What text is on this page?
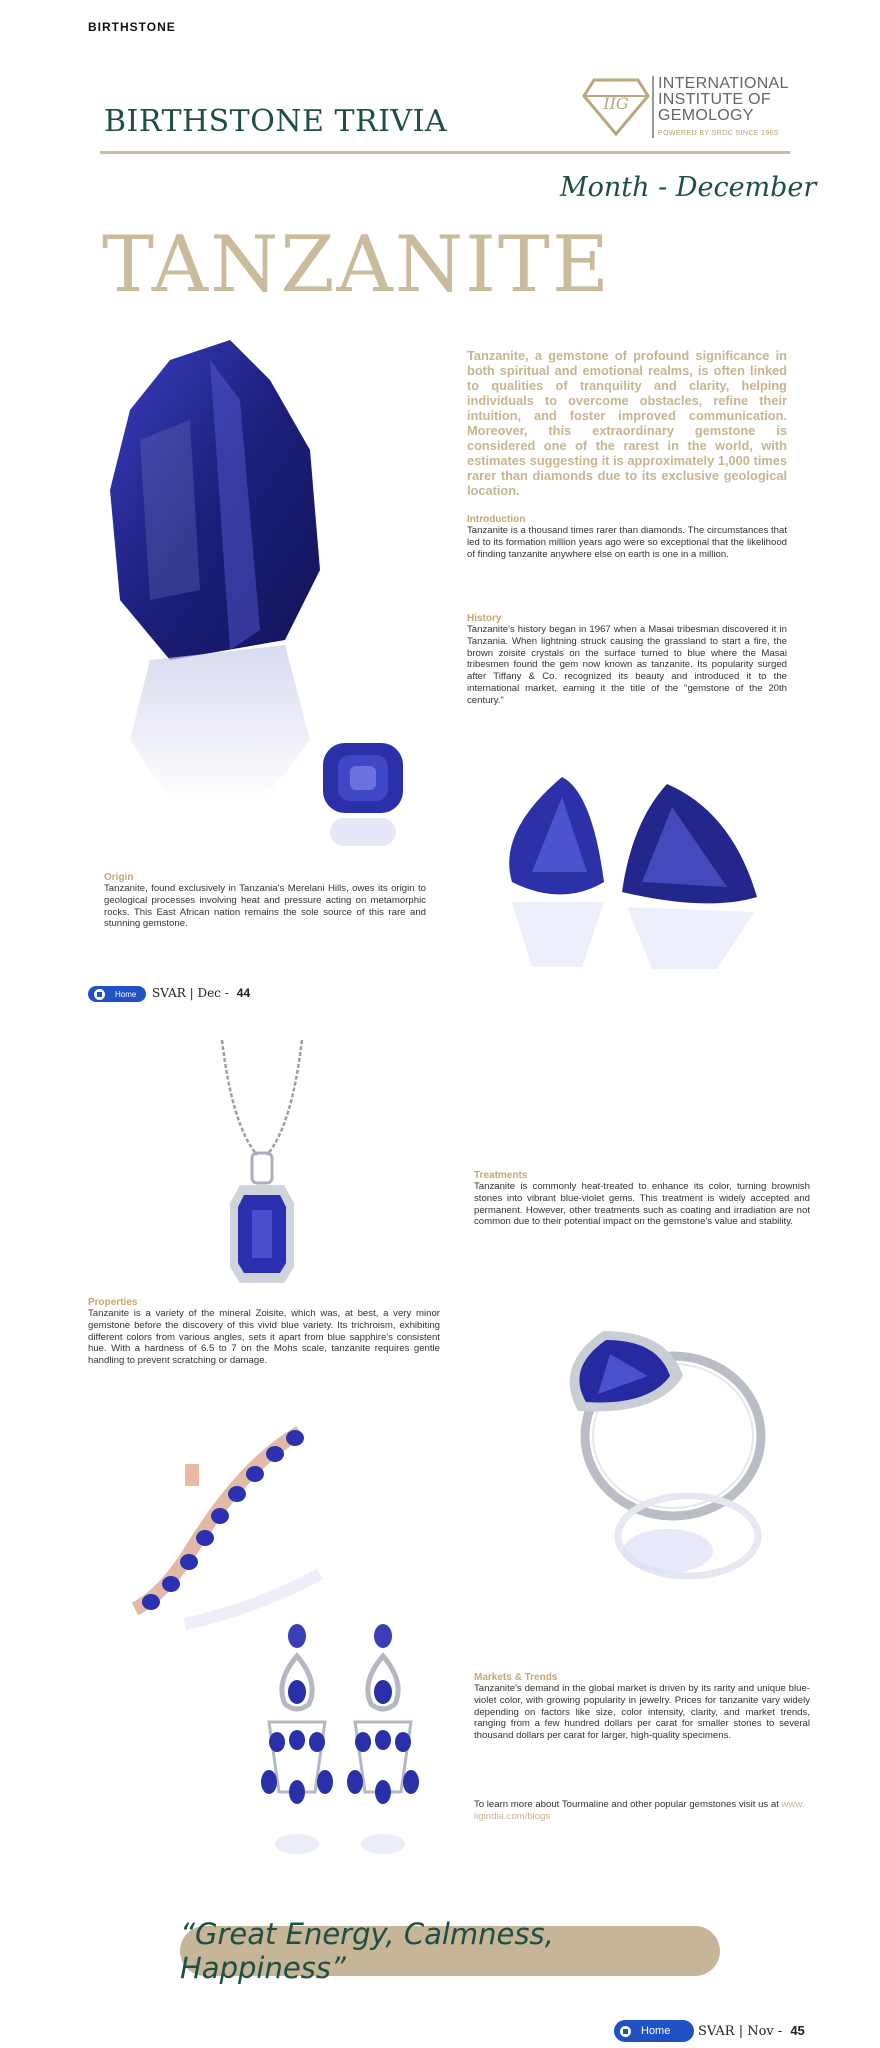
BIRTHSTONE
BIRTHSTONE TRIVIA
IIG
INTERNATIONAL
INSTITUTE OF
GEMOLOGY
POWERED BY SRDC SINCE 1965
Month - December
TANZANITE
Tanzanite, a gemstone of profound significance in both spiritual and emotional realms, is often linked to qualities of tranquility and clarity, helping individuals to overcome obstacles, refine their intuition, and foster improved communication. Moreover, this extraordinary gemstone is considered one of the rarest in the world, with estimates suggesting it is approximately 1,000 times rarer than diamonds due to its exclusive geological location.
Introduction
Tanzanite is a thousand times rarer than diamonds. The circumstances that led to its formation million years ago were so exceptional that the likelihood of finding tanzanite anywhere else on earth is one in a million.
History
Tanzanite's history began in 1967 when a Masai tribesman discovered it in Tanzania. When lightning struck causing the grassland to start a fire, the brown zoisite crystals on the surface turned to blue where the Masai tribesmen found the gem now known as tanzanite. Its popularity surged after Tiffany & Co. recognized its beauty and introduced it to the international market, earning it the title of the "gemstone of the 20th century."
Origin
Tanzanite, found exclusively in Tanzania's Merelani Hills, owes its origin to geological processes involving heat and pressure acting on metamorphic rocks. This East African nation remains the sole source of this rare and stunning gemstone.
Home SVAR | Dec - 44
Treatments
Tanzanite is commonly heat-treated to enhance its color, turning brownish stones into vibrant blue-violet gems. This treatment is widely accepted and permanent. However, other treatments such as coating and irradiation are not common due to their potential impact on the gemstone's value and stability.
Properties
Tanzanite is a variety of the mineral Zoisite, which was, at best, a very minor gemstone before the discovery of this vivid blue variety. Its trichroism, exhibiting different colors from various angles, sets it apart from blue sapphire's consistent hue. With a hardness of 6.5 to 7 on the Mohs scale, tanzanite requires gentle handling to prevent scratching or damage.
Markets & Trends
Tanzanite's demand in the global market is driven by its rarity and unique blue-violet color, with growing popularity in jewelry. Prices for tanzanite vary widely depending on factors like size, color intensity, clarity, and market trends, ranging from a few hundred dollars per carat for smaller stones to several thousand dollars per carat for larger, high-quality specimens.
To learn more about Tourmaline and other popular gemstones visit us at www. iigindia.com/blogs
“Great Energy, Calmness, Happiness”
Home SVAR | Nov - 45
